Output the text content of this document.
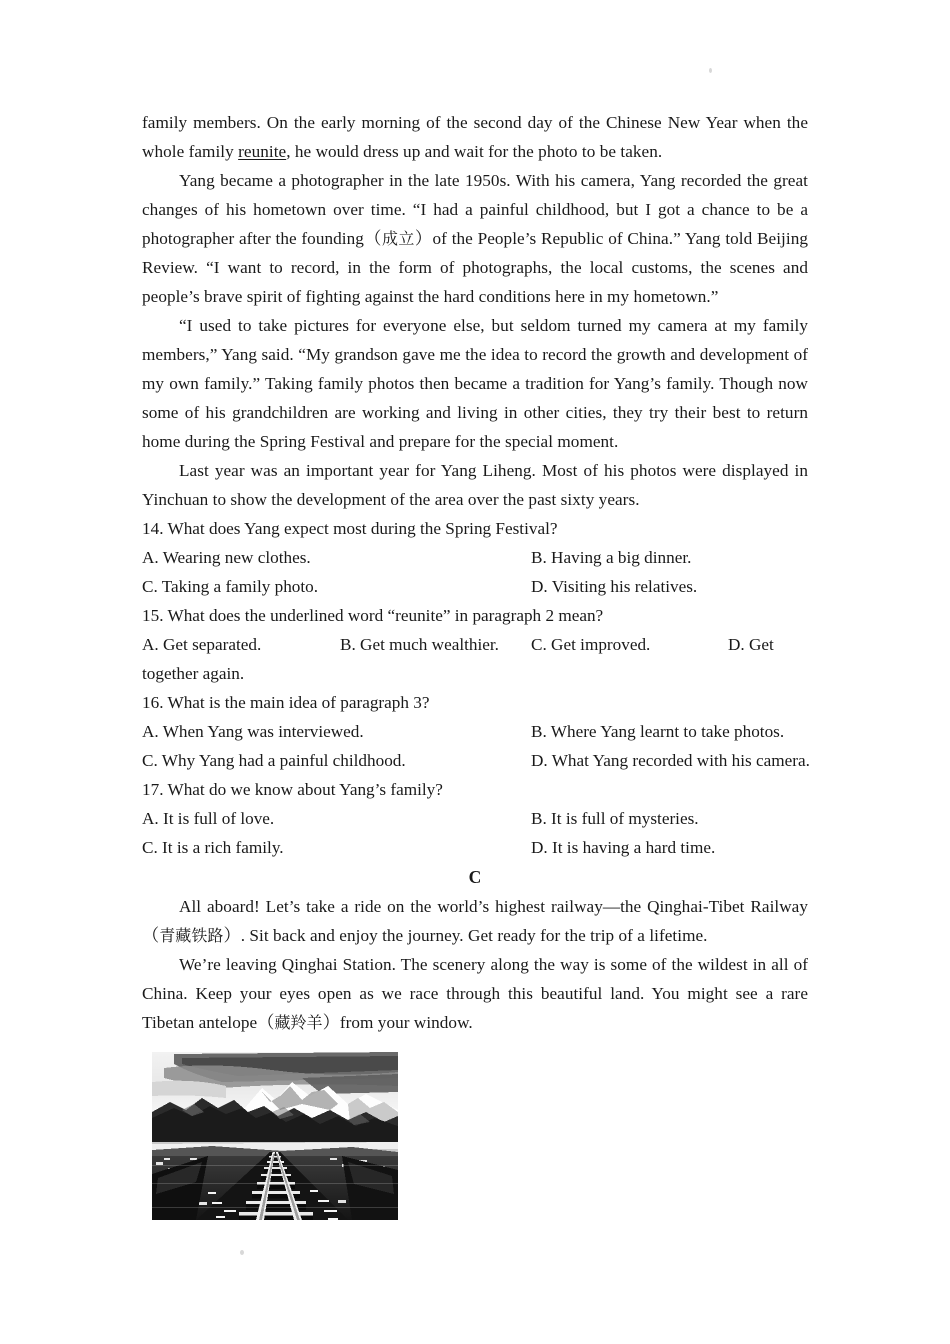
family members. On the early morning of the second day of the Chinese New Year when the whole family reunite, he would dress up and wait for the photo to be taken.

Yang became a photographer in the late 1950s. With his camera, Yang recorded the great changes of his hometown over time. “I had a painful childhood, but I got a chance to be a photographer after the founding（成立）of the People’s Republic of China.” Yang told Beijing Review. “I want to record, in the form of photographs, the local customs, the scenes and people’s brave spirit of fighting against the hard conditions here in my hometown.”

“I used to take pictures for everyone else, but seldom turned my camera at my family members,” Yang said. “My grandson gave me the idea to record the growth and development of my own family.” Taking family photos then became a tradition for Yang’s family. Though now some of his grandchildren are working and living in other cities, they try their best to return home during the Spring Festival and prepare for the special moment.

Last year was an important year for Yang Liheng. Most of his photos were displayed in Yinchuan to show the development of the area over the past sixty years.

14. What does Yang expect most during the Spring Festival?

A. Wearing new clothes.	B. Having a big dinner.
C. Taking a family photo.	D. Visiting his relatives.

15. What does the underlined word “reunite” in paragraph 2 mean?

A. Get separated.	B. Get much wealthier. C. Get improved.	D. Get
together again.

16. What is the main idea of paragraph 3?

A. When Yang was interviewed.	B. Where Yang learnt to take photos.
C. Why Yang had a painful childhood.	D. What Yang recorded with his camera.

17. What do we know about Yang’s family?

A. It is full of love.	B. It is full of mysteries.
C. It is a rich family.	D. It is having a hard time.

C

All aboard! Let’s take a ride on the world’s highest railway—the Qinghai-Tibet Railway（青藏铁路）. Sit back and enjoy the journey. Get ready for the trip of a lifetime.

We’re leaving Qinghai Station. The scenery along the way is some of the wildest in all of China. Keep your eyes open as we race through this beautiful land. You might see a rare Tibetan antelope（藏羚羊）from your window.
